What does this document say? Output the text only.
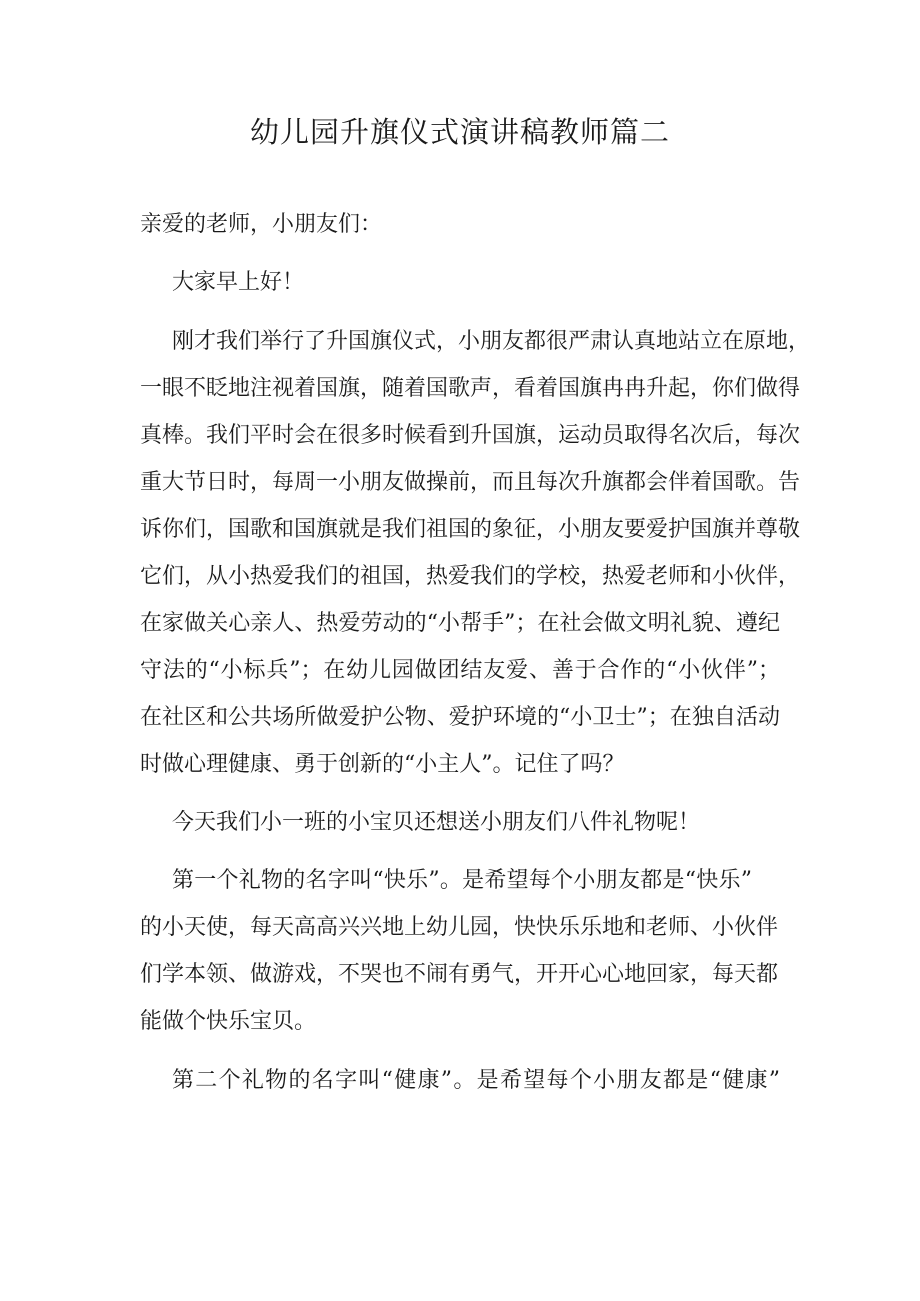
幼儿园升旗仪式演讲稿教师篇二
亲爱的老师，小朋友们：
大家早上好！
刚才我们举行了升国旗仪式，小朋友都很严肃认真地站立在原地，
一眼不眨地注视着国旗，随着国歌声，看着国旗冉冉升起，你们做得
真棒。我们平时会在很多时候看到升国旗，运动员取得名次后，每次
重大节日时，每周一小朋友做操前，而且每次升旗都会伴着国歌。告
诉你们，国歌和国旗就是我们祖国的象征，小朋友要爱护国旗并尊敬
它们，从小热爱我们的祖国，热爱我们的学校，热爱老师和小伙伴，
在家做关心亲人、热爱劳动的“小帮手”；在社会做文明礼貌、遵纪
守法的“小标兵”；在幼儿园做团结友爱、善于合作的“小伙伴”；
在社区和公共场所做爱护公物、爱护环境的“小卫士”；在独自活动
时做心理健康、勇于创新的“小主人”。记住了吗？
今天我们小一班的小宝贝还想送小朋友们八件礼物呢！
第一个礼物的名字叫“快乐”。是希望每个小朋友都是“快乐”
的小天使，每天高高兴兴地上幼儿园，快快乐乐地和老师、小伙伴
们学本领、做游戏，不哭也不闹有勇气，开开心心地回家，每天都
能做个快乐宝贝。
第二个礼物的名字叫“健康”。是希望每个小朋友都是“健康”
